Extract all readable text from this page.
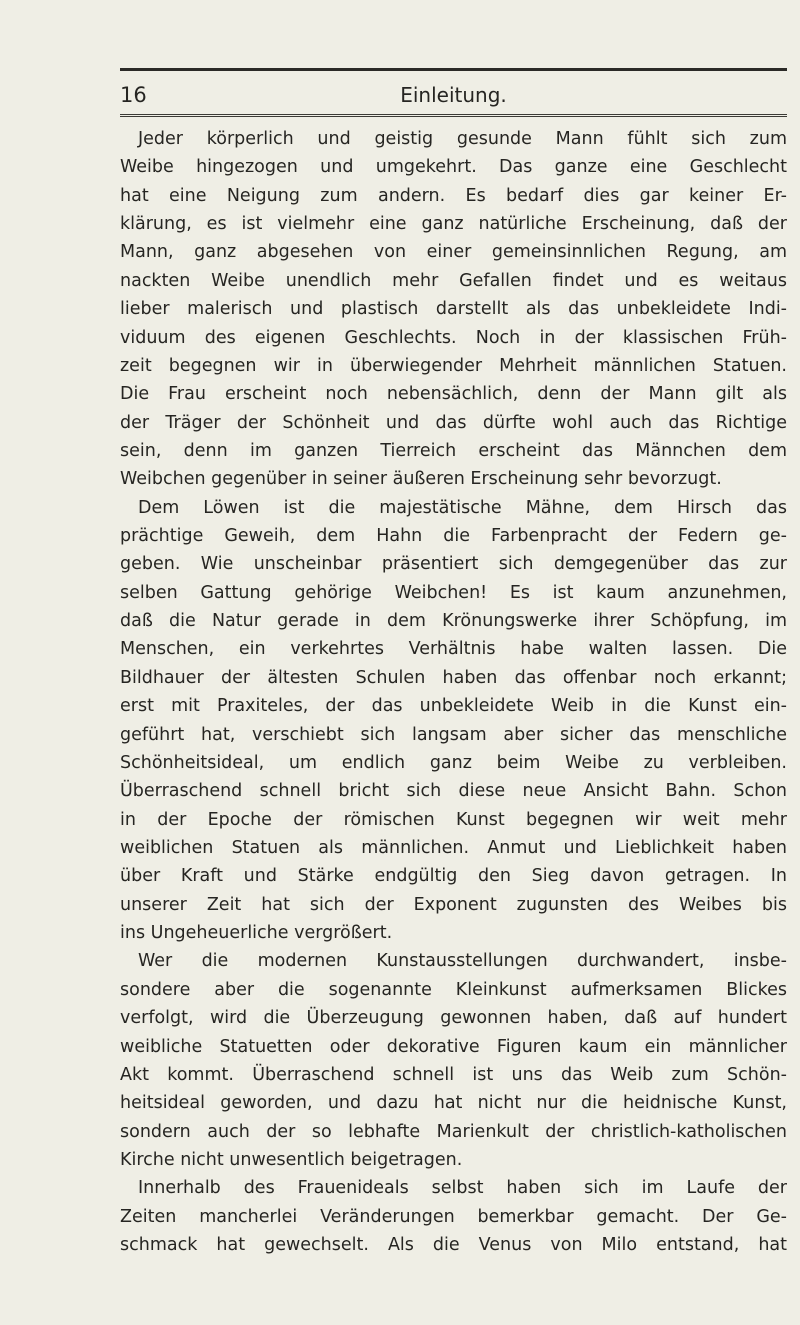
16	Einleitung.
Jeder körperlich und geistig gesunde Mann fühlt sich zum
Weibe hingezogen und umgekehrt. Das ganze eine Geschlecht
hat eine Neigung zum andern. Es bedarf dies gar keiner Er-
klärung, es ist vielmehr eine ganz natürliche Erscheinung, daß der
Mann, ganz abgesehen von einer gemeinsinnlichen Regung, am
nackten Weibe unendlich mehr Gefallen findet und es weitaus
lieber malerisch und plastisch darstellt als das unbekleidete Indi-
viduum des eigenen Geschlechts. Noch in der klassischen Früh-
zeit begegnen wir in überwiegender Mehrheit männlichen Statuen.
Die Frau erscheint noch nebensächlich, denn der Mann gilt als
der Träger der Schönheit und das dürfte wohl auch das Richtige
sein, denn im ganzen Tierreich erscheint das Männchen dem
Weibchen gegenüber in seiner äußeren Erscheinung sehr bevorzugt.
Dem Löwen ist die majestätische Mähne, dem Hirsch das
prächtige Geweih, dem Hahn die Farbenpracht der Federn ge-
geben. Wie unscheinbar präsentiert sich demgegenüber das zur
selben Gattung gehörige Weibchen! Es ist kaum anzunehmen,
daß die Natur gerade in dem Krönungswerke ihrer Schöpfung, im
Menschen, ein verkehrtes Verhältnis habe walten lassen. Die
Bildhauer der ältesten Schulen haben das offenbar noch erkannt;
erst mit Praxiteles, der das unbekleidete Weib in die Kunst ein-
geführt hat, verschiebt sich langsam aber sicher das menschliche
Schönheitsideal, um endlich ganz beim Weibe zu verbleiben.
Überraschend schnell bricht sich diese neue Ansicht Bahn. Schon
in der Epoche der römischen Kunst begegnen wir weit mehr
weiblichen Statuen als männlichen. Anmut und Lieblichkeit haben
über Kraft und Stärke endgültig den Sieg davon getragen. In
unserer Zeit hat sich der Exponent zugunsten des Weibes bis
ins Ungeheuerliche vergrößert.
Wer die modernen Kunstausstellungen durchwandert, insbe-
sondere aber die sogenannte Kleinkunst aufmerksamen Blickes
verfolgt, wird die Überzeugung gewonnen haben, daß auf hundert
weibliche Statuetten oder dekorative Figuren kaum ein männlicher
Akt kommt. Überraschend schnell ist uns das Weib zum Schön-
heitsideal geworden, und dazu hat nicht nur die heidnische Kunst,
sondern auch der so lebhafte Marienkult der christlich-katholischen
Kirche nicht unwesentlich beigetragen.
Innerhalb des Frauenideals selbst haben sich im Laufe der
Zeiten mancherlei Veränderungen bemerkbar gemacht. Der Ge-
schmack hat gewechselt. Als die Venus von Milo entstand, hat
